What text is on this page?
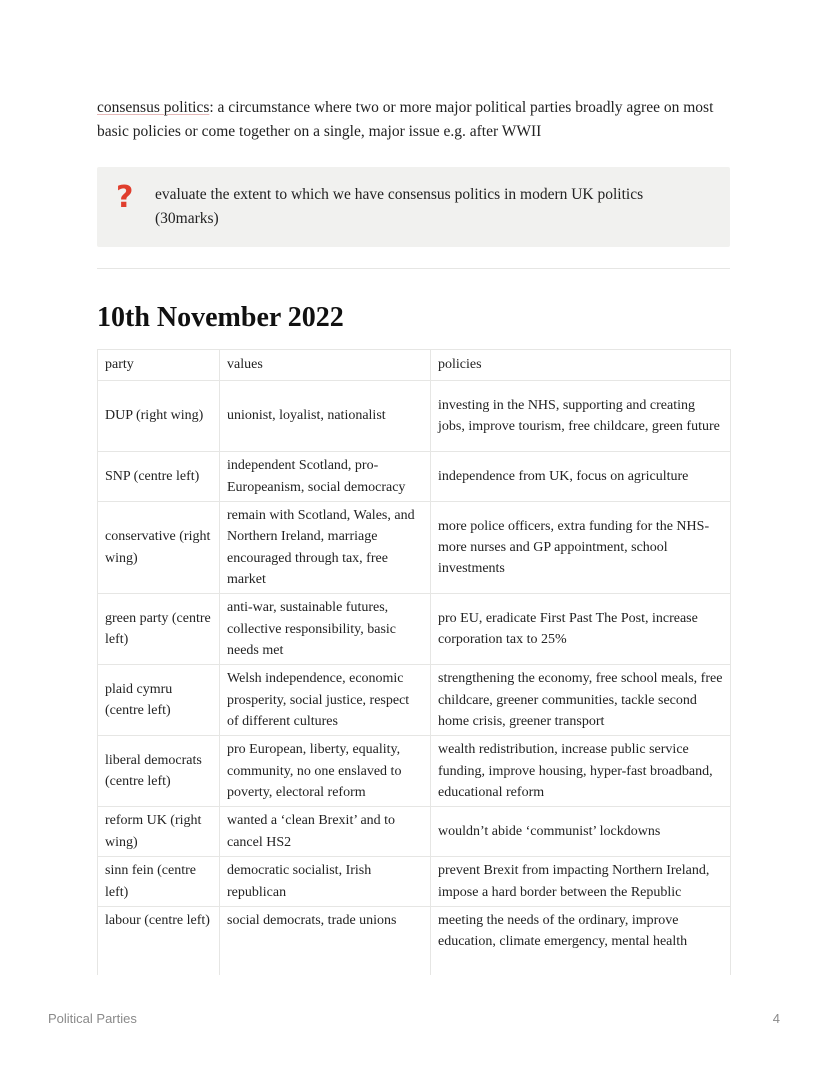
consensus politics: a circumstance where two or more major political parties broadly agree on most basic policies or come together on a single, major issue e.g. after WWII

? evaluate the extent to which we have consensus politics in modern UK politics (30marks)
10th November 2022
party	values	policies
DUP (right wing)	unionist, loyalist, nationalist	investing in the NHS, supporting and creating jobs, improve tourism, free childcare, green future
SNP (centre left)	independent Scotland, pro-Europeanism, social democracy	independence from UK, focus on agriculture
conservative (right wing)	remain with Scotland, Wales, and Northern Ireland, marriage encouraged through tax, free market	more police officers, extra funding for the NHS- more nurses and GP appointment, school investments
green party (centre left)	anti-war, sustainable futures, collective responsibility, basic needs met	pro EU, eradicate First Past The Post, increase corporation tax to 25%
plaid cymru (centre left)	Welsh independence, economic prosperity, social justice, respect of different cultures	strengthening the economy, free school meals, free childcare, greener communities, tackle second home crisis, greener transport
liberal democrats (centre left)	pro European, liberty, equality, community, no one enslaved to poverty, electoral reform	wealth redistribution, increase public service funding, improve housing, hyper-fast broadband, educational reform
reform UK (right wing)	wanted a ‘clean Brexit’ and to cancel HS2	wouldn’t abide ‘communist’ lockdowns
sinn fein (centre left)	democratic socialist, Irish republican	prevent Brexit from impacting Northern Ireland, impose a hard border between the Republic
labour (centre left)	social democrats, trade unions	meeting the needs of the ordinary, improve education, climate emergency, mental health
Political Parties	4
